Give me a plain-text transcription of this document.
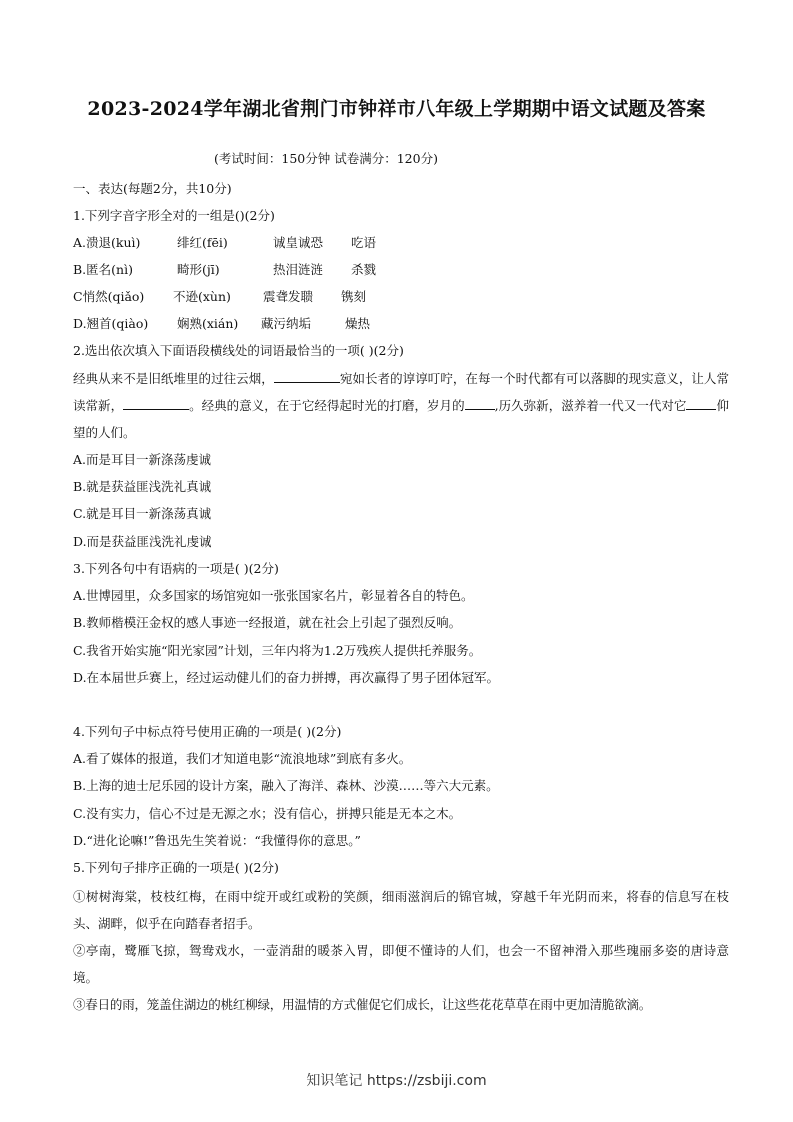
2023-2024学年湖北省荆门市钟祥市八年级上学期期中语文试题及答案
(考试时间：150分钟 试卷满分：120分)
一、表达(每题2分，共10分)
1.下列字音字形全对的一组是()(2分)
A.溃退(kuì)	绯红(fēi)	诚皇诚恐 吃语
B.匿名(nì)	畸形(jī)	热泪涟涟 杀戮
C悄然(qiǎo) 不逊(xùn)	震聋发聩 镌刻
D.翘首(qiào) 娴熟(xián) 藏污纳垢	燥热
2.选出依次填入下面语段横线处的词语最恰当的一项( )(2分)
经典从来不是旧纸堆里的过往云烟，	宛如长者的谆谆叮咛，在每一个时代都有可以落脚的现实意义，让人常读常新，	。经典的意义，在于它经得起时光的打磨，岁月的 ,历久弥新，滋养着一代又一代对它 仰望的人们。
A.而是耳目一新涤荡虔诚
B.就是获益匪浅洗礼真诚
C.就是耳目一新涤荡真诚
D.而是获益匪浅洗礼虔诚
3.下列各句中有语病的一项是( )(2分)
A.世博园里，众多国家的场馆宛如一张张国家名片，彰显着各自的特色。
B.教师楷模汪金权的感人事迹一经报道，就在社会上引起了强烈反响。
C.我省开始实施“阳光家园”计划，三年内将为1.2万残疾人提供托养服务。
D.在本届世乒赛上，经过运动健儿们的奋力拼搏，再次赢得了男子团体冠军。
4.下列句子中标点符号使用正确的一项是( )(2分)
A.看了媒体的报道，我们才知道电影“流浪地球”到底有多火。
B.上海的迪士尼乐园的设计方案，融入了海洋、森林、沙漠……等六大元素。
C.没有实力，信心不过是无源之水；没有信心，拼搏只能是无本之木。
D.“进化论嘛!”鲁迅先生笑着说：“我懂得你的意思。”
5.下列句子排序正确的一项是( )(2分)
①树树海棠，枝枝红梅，在雨中绽开或红或粉的笑颜，细雨滋润后的锦官城，穿越千年光阴而来，将春的信息写在枝头、湖畔，似乎在向踏春者招手。
②亭南，鹭雁飞掠，鸳鸯戏水，一壶消甜的暖茶入胃，即便不懂诗的人们，也会一不留神滑入那些瑰丽多姿的唐诗意境。
③春日的雨，笼盖住湖边的桃红柳绿，用温情的方式催促它们成长，让这些花花草草在雨中更加清脆欲滴。
知识笔记 https://zsbiji.com
